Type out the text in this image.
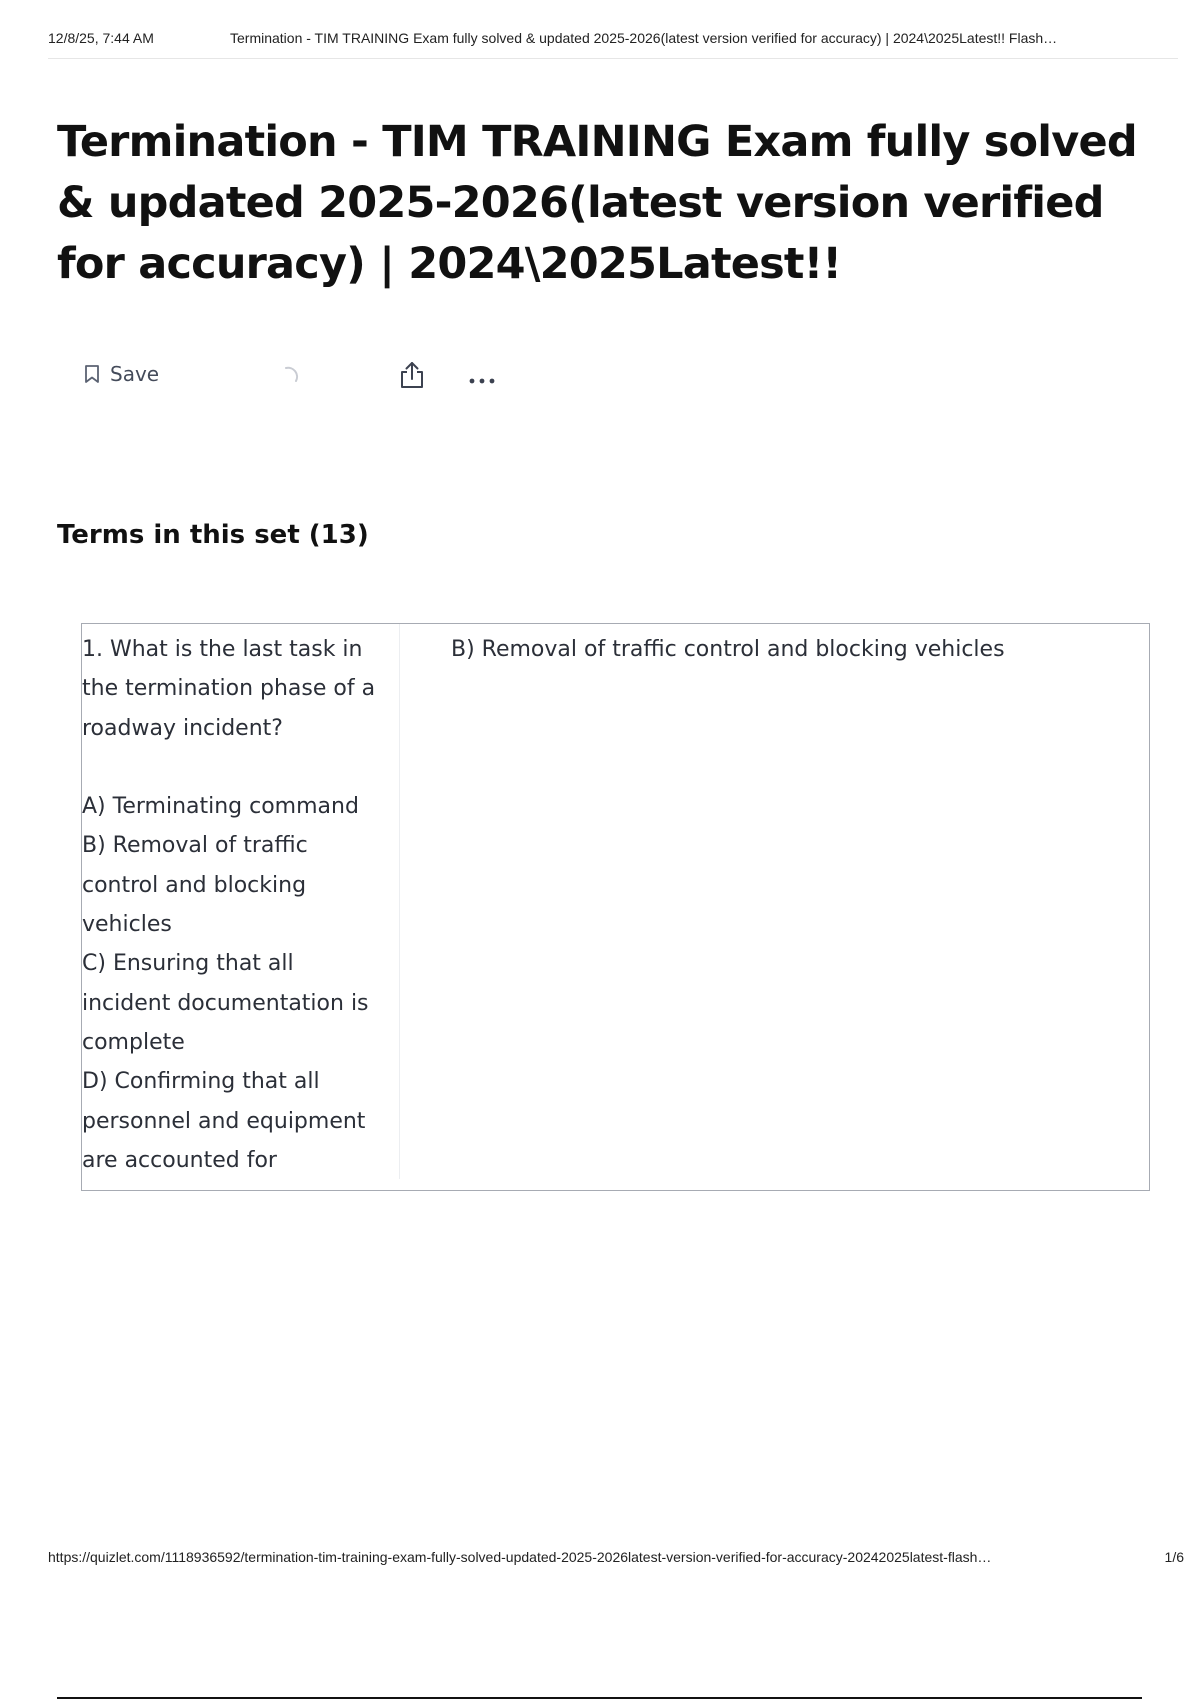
12/8/25, 7:44 AM	Termination - TIM TRAINING Exam fully solved & updated 2025-2026(latest version verified for accuracy) | 2024\2025Latest!! Flash…
Termination - TIM TRAINING Exam fully solved & updated 2025-2026(latest version verified for accuracy) | 2024\2025Latest!!
Save
Terms in this set (13)
1. What is the last task in
the termination phase of a
roadway incident?

A) Terminating command
B) Removal of traffic
control and blocking
vehicles
C) Ensuring that all
incident documentation is
complete
D) Confirming that all
personnel and equipment
are accounted for
B) Removal of traffic control and blocking vehicles
https://quizlet.com/1118936592/termination-tim-training-exam-fully-solved-updated-2025-2026latest-version-verified-for-accuracy-20242025latest-flash…	1/6
